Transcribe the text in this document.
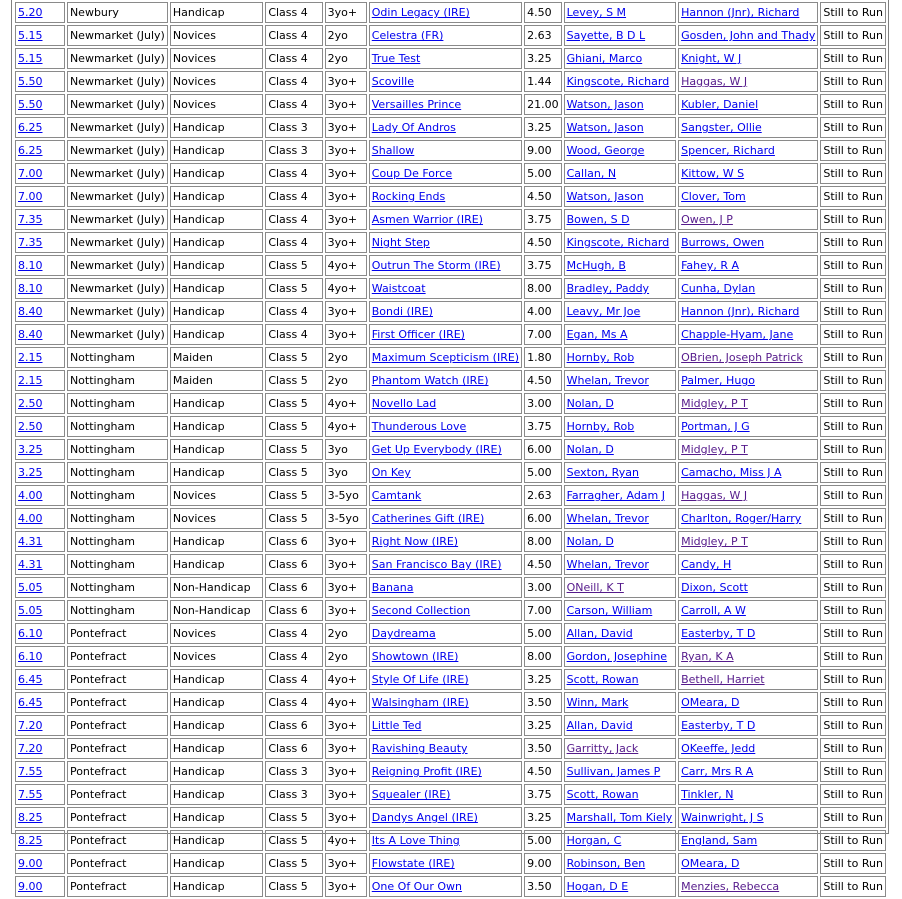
5.20	Newbury	Handicap	Class 4	3yo+	Odin Legacy (IRE)	4.50	Levey, S M	Hannon (Jnr), Richard	Still to Run
5.15	Newmarket (July)	Novices	Class 4	2yo	Celestra (FR)	2.63	Sayette, B D L	Gosden, John and Thady	Still to Run
5.15	Newmarket (July)	Novices	Class 4	2yo	True Test	3.25	Ghiani, Marco	Knight, W J	Still to Run
5.50	Newmarket (July)	Novices	Class 4	3yo+	Scoville	1.44	Kingscote, Richard	Haggas, W J	Still to Run
5.50	Newmarket (July)	Novices	Class 4	3yo+	Versailles Prince	21.00	Watson, Jason	Kubler, Daniel	Still to Run
6.25	Newmarket (July)	Handicap	Class 3	3yo+	Lady Of Andros	3.25	Watson, Jason	Sangster, Ollie	Still to Run
6.25	Newmarket (July)	Handicap	Class 3	3yo+	Shallow	9.00	Wood, George	Spencer, Richard	Still to Run
7.00	Newmarket (July)	Handicap	Class 4	3yo+	Coup De Force	5.00	Callan, N	Kittow, W S	Still to Run
7.00	Newmarket (July)	Handicap	Class 4	3yo+	Rocking Ends	4.50	Watson, Jason	Clover, Tom	Still to Run
7.35	Newmarket (July)	Handicap	Class 4	3yo+	Asmen Warrior (IRE)	3.75	Bowen, S D	Owen, J P	Still to Run
7.35	Newmarket (July)	Handicap	Class 4	3yo+	Night Step	4.50	Kingscote, Richard	Burrows, Owen	Still to Run
8.10	Newmarket (July)	Handicap	Class 5	4yo+	Outrun The Storm (IRE)	3.75	McHugh, B	Fahey, R A	Still to Run
8.10	Newmarket (July)	Handicap	Class 5	4yo+	Waistcoat	8.00	Bradley, Paddy	Cunha, Dylan	Still to Run
8.40	Newmarket (July)	Handicap	Class 4	3yo+	Bondi (IRE)	4.00	Leavy, Mr Joe	Hannon (Jnr), Richard	Still to Run
8.40	Newmarket (July)	Handicap	Class 4	3yo+	First Officer (IRE)	7.00	Egan, Ms A	Chapple-Hyam, Jane	Still to Run
2.15	Nottingham	Maiden	Class 5	2yo	Maximum Scepticism (IRE)	1.80	Hornby, Rob	OBrien, Joseph Patrick	Still to Run
2.15	Nottingham	Maiden	Class 5	2yo	Phantom Watch (IRE)	4.50	Whelan, Trevor	Palmer, Hugo	Still to Run
2.50	Nottingham	Handicap	Class 5	4yo+	Novello Lad	3.00	Nolan, D	Midgley, P T	Still to Run
2.50	Nottingham	Handicap	Class 5	4yo+	Thunderous Love	3.75	Hornby, Rob	Portman, J G	Still to Run
3.25	Nottingham	Handicap	Class 5	3yo	Get Up Everybody (IRE)	6.00	Nolan, D	Midgley, P T	Still to Run
3.25	Nottingham	Handicap	Class 5	3yo	On Key	5.00	Sexton, Ryan	Camacho, Miss J A	Still to Run
4.00	Nottingham	Novices	Class 5	3-5yo	Camtank	2.63	Farragher, Adam J	Haggas, W J	Still to Run
4.00	Nottingham	Novices	Class 5	3-5yo	Catherines Gift (IRE)	6.00	Whelan, Trevor	Charlton, Roger/Harry	Still to Run
4.31	Nottingham	Handicap	Class 6	3yo+	Right Now (IRE)	8.00	Nolan, D	Midgley, P T	Still to Run
4.31	Nottingham	Handicap	Class 6	3yo+	San Francisco Bay (IRE)	4.50	Whelan, Trevor	Candy, H	Still to Run
5.05	Nottingham	Non-Handicap	Class 6	3yo+	Banana	3.00	ONeill, K T	Dixon, Scott	Still to Run
5.05	Nottingham	Non-Handicap	Class 6	3yo+	Second Collection	7.00	Carson, William	Carroll, A W	Still to Run
6.10	Pontefract	Novices	Class 4	2yo	Daydreama	5.00	Allan, David	Easterby, T D	Still to Run
6.10	Pontefract	Novices	Class 4	2yo	Showtown (IRE)	8.00	Gordon, Josephine	Ryan, K A	Still to Run
6.45	Pontefract	Handicap	Class 4	4yo+	Style Of Life (IRE)	3.25	Scott, Rowan	Bethell, Harriet	Still to Run
6.45	Pontefract	Handicap	Class 4	4yo+	Walsingham (IRE)	3.50	Winn, Mark	OMeara, D	Still to Run
7.20	Pontefract	Handicap	Class 6	3yo+	Little Ted	3.25	Allan, David	Easterby, T D	Still to Run
7.20	Pontefract	Handicap	Class 6	3yo+	Ravishing Beauty	3.50	Garritty, Jack	OKeeffe, Jedd	Still to Run
7.55	Pontefract	Handicap	Class 3	3yo+	Reigning Profit (IRE)	4.50	Sullivan, James P	Carr, Mrs R A	Still to Run
7.55	Pontefract	Handicap	Class 3	3yo+	Squealer (IRE)	3.75	Scott, Rowan	Tinkler, N	Still to Run
8.25	Pontefract	Handicap	Class 5	3yo+	Dandys Angel (IRE)	3.25	Marshall, Tom Kiely	Wainwright, J S	Still to Run
8.25	Pontefract	Handicap	Class 5	4yo+	Its A Love Thing	5.00	Horgan, C	England, Sam	Still to Run
9.00	Pontefract	Handicap	Class 5	3yo+	Flowstate (IRE)	9.00	Robinson, Ben	OMeara, D	Still to Run
9.00	Pontefract	Handicap	Class 5	3yo+	One Of Our Own	3.50	Hogan, D E	Menzies, Rebecca	Still to Run
